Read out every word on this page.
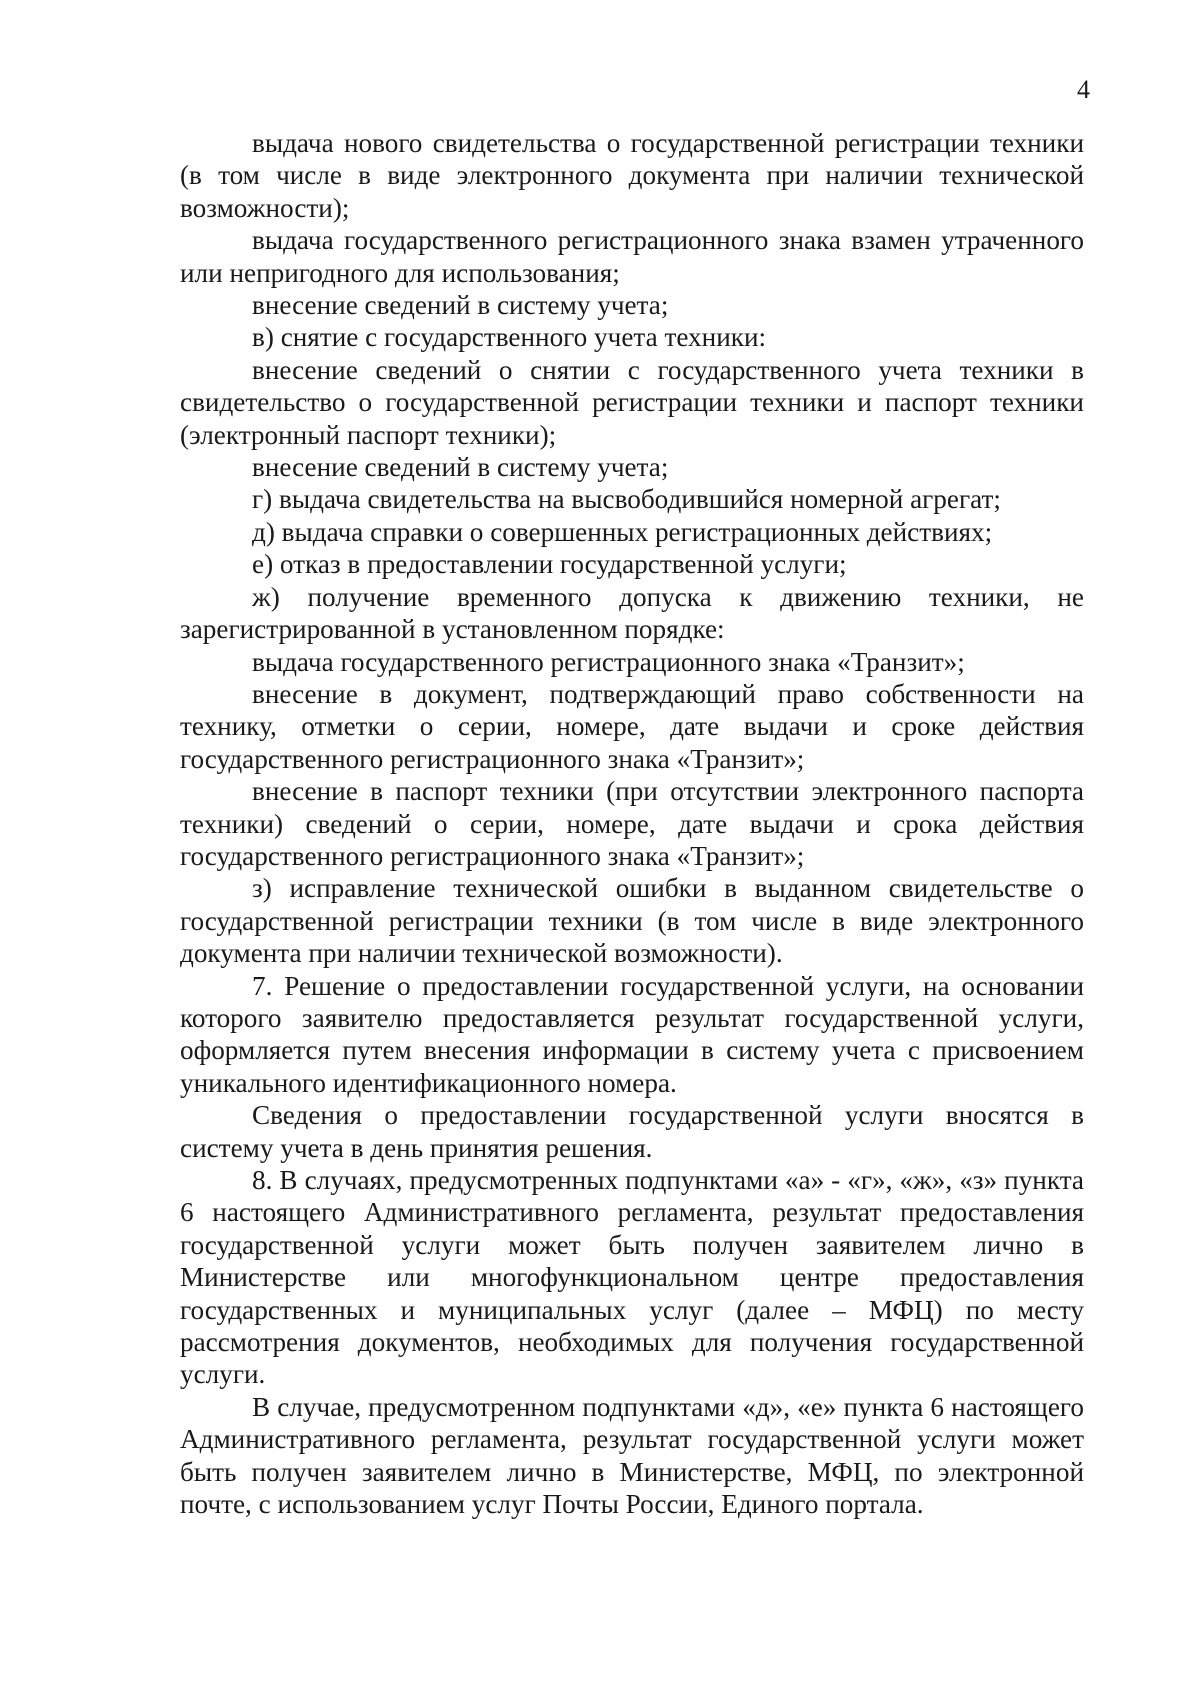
4

выдача нового свидетельства о государственной регистрации техники (в том числе в виде электронного документа при наличии технической возможности);

выдача государственного регистрационного знака взамен утраченного или непригодного для использования;

внесение сведений в систему учета;

в) снятие с государственного учета техники:

внесение сведений о снятии с государственного учета техники в свидетельство о государственной регистрации техники и паспорт техники (электронный паспорт техники);

внесение сведений в систему учета;

г) выдача свидетельства на высвободившийся номерной агрегат;

д) выдача справки о совершенных регистрационных действиях;

е) отказ в предоставлении государственной услуги;

ж) получение временного допуска к движению техники, не зарегистрированной в установленном порядке:

выдача государственного регистрационного знака «Транзит»;

внесение в документ, подтверждающий право собственности на технику, отметки о серии, номере, дате выдачи и сроке действия государственного регистрационного знака «Транзит»;

внесение в паспорт техники (при отсутствии электронного паспорта техники) сведений о серии, номере, дате выдачи и срока действия государственного регистрационного знака «Транзит»;

з) исправление технической ошибки в выданном свидетельстве о государственной регистрации техники (в том числе в виде электронного документа при наличии технической возможности).

7. Решение о предоставлении государственной услуги, на основании которого заявителю предоставляется результат государственной услуги, оформляется путем внесения информации в систему учета с присвоением уникального идентификационного номера.

Сведения о предоставлении государственной услуги вносятся в систему учета в день принятия решения.

8. В случаях, предусмотренных подпунктами «а» - «г», «ж», «з» пункта 6 настоящего Административного регламента, результат предоставления государственной услуги может быть получен заявителем лично в Министерстве или многофункциональном центре предоставления государственных и муниципальных услуг (далее – МФЦ) по месту рассмотрения документов, необходимых для получения государственной услуги.

В случае, предусмотренном подпунктами «д», «е» пункта 6 настоящего Административного регламента, результат государственной услуги может быть получен заявителем лично в Министерстве, МФЦ, по электронной почте, с использованием услуг Почты России, Единого портала.
